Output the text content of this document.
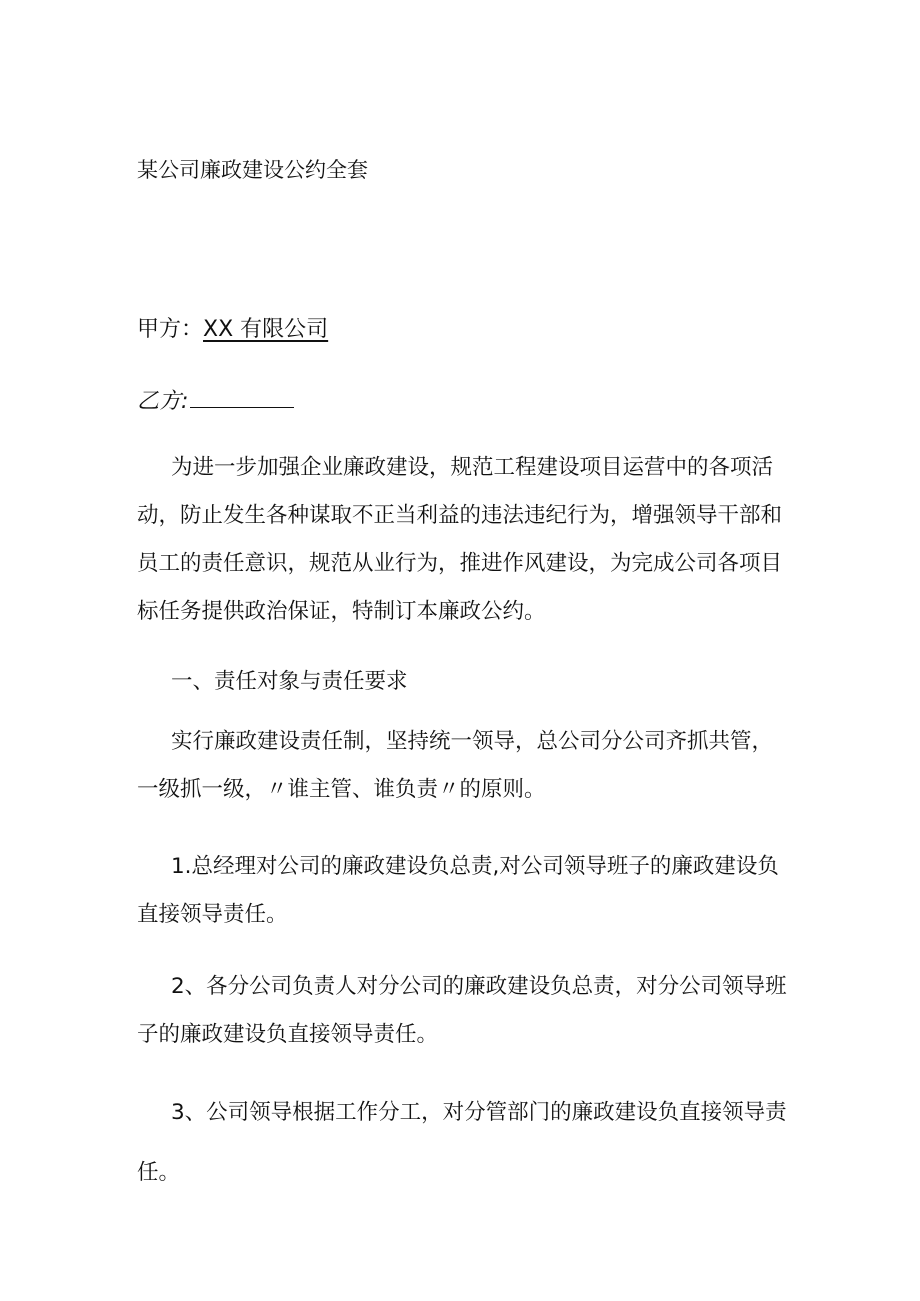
某公司廉政建设公约全套
甲方：XX 有限公司
乙方:

为进一步加强企业廉政建设，规范工程建设项目运营中的各项活动，防止发生各种谋取不正当利益的违法违纪行为，增强领导干部和员工的责任意识，规范从业行为，推进作风建设，为完成公司各项目标任务提供政治保证，特制订本廉政公约。

一、责任对象与责任要求

实行廉政建设责任制，坚持统一领导，总公司分公司齐抓共管，一级抓一级，〃谁主管、谁负责〃的原则。

1.总经理对公司的廉政建设负总责,对公司领导班子的廉政建设负直接领导责任。

2、各分公司负责人对分公司的廉政建设负总责，对分公司领导班子的廉政建设负直接领导责任。

3、公司领导根据工作分工，对分管部门的廉政建设负直接领导责任。
